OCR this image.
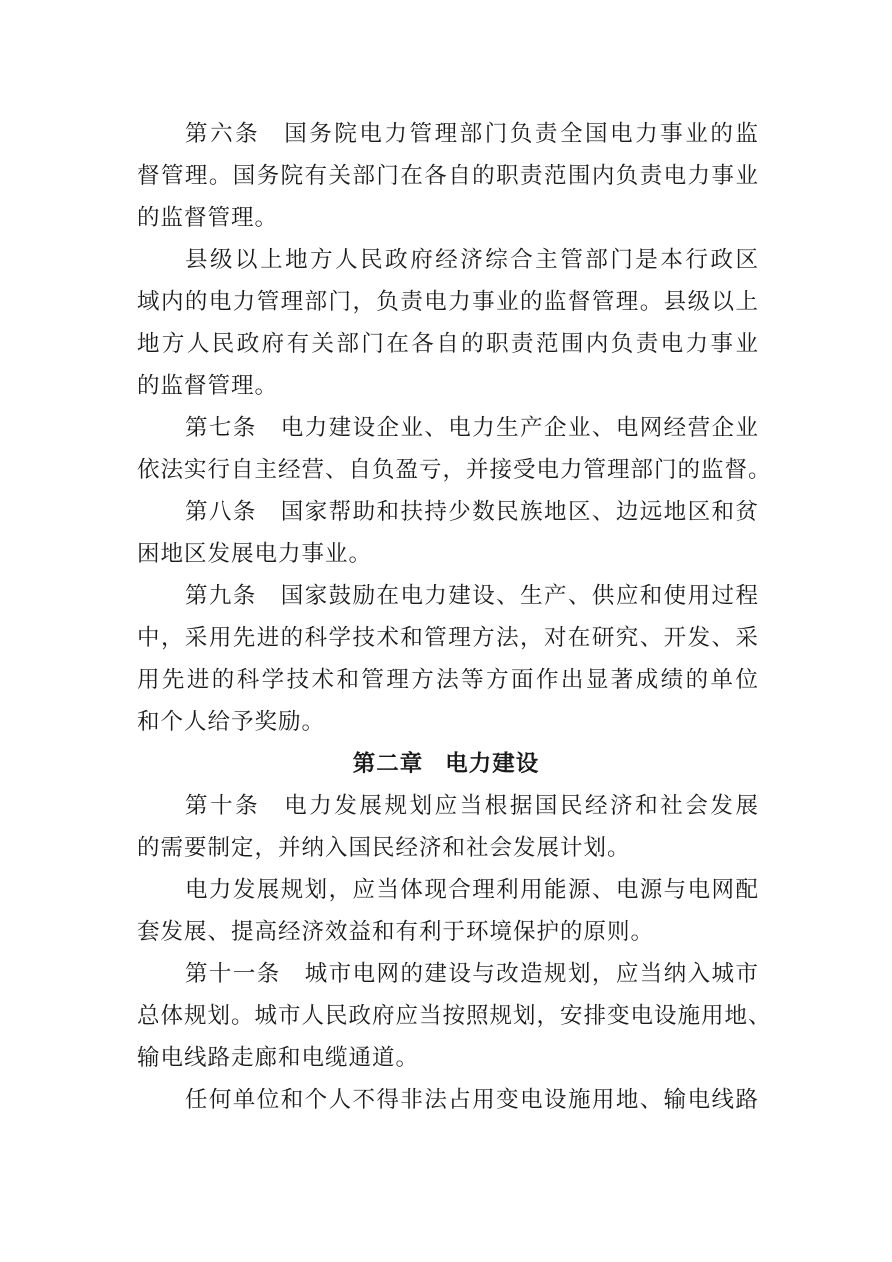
第六条 国务院电力管理部门负责全国电力事业的监
督管理。国务院有关部门在各自的职责范围内负责电力事业
的监督管理。
县级以上地方人民政府经济综合主管部门是本行政区
域内的电力管理部门，负责电力事业的监督管理。县级以上
地方人民政府有关部门在各自的职责范围内负责电力事业
的监督管理。
第七条 电力建设企业、电力生产企业、电网经营企业
依法实行自主经营、自负盈亏，并接受电力管理部门的监督。
第八条 国家帮助和扶持少数民族地区、边远地区和贫
困地区发展电力事业。
第九条 国家鼓励在电力建设、生产、供应和使用过程
中，采用先进的科学技术和管理方法，对在研究、开发、采
用先进的科学技术和管理方法等方面作出显著成绩的单位
和个人给予奖励。
第二章 电力建设
第十条 电力发展规划应当根据国民经济和社会发展
的需要制定，并纳入国民经济和社会发展计划。
电力发展规划，应当体现合理利用能源、电源与电网配
套发展、提高经济效益和有利于环境保护的原则。
第十一条 城市电网的建设与改造规划，应当纳入城市
总体规划。城市人民政府应当按照规划，安排变电设施用地、
输电线路走廊和电缆通道。
任何单位和个人不得非法占用变电设施用地、输电线路
